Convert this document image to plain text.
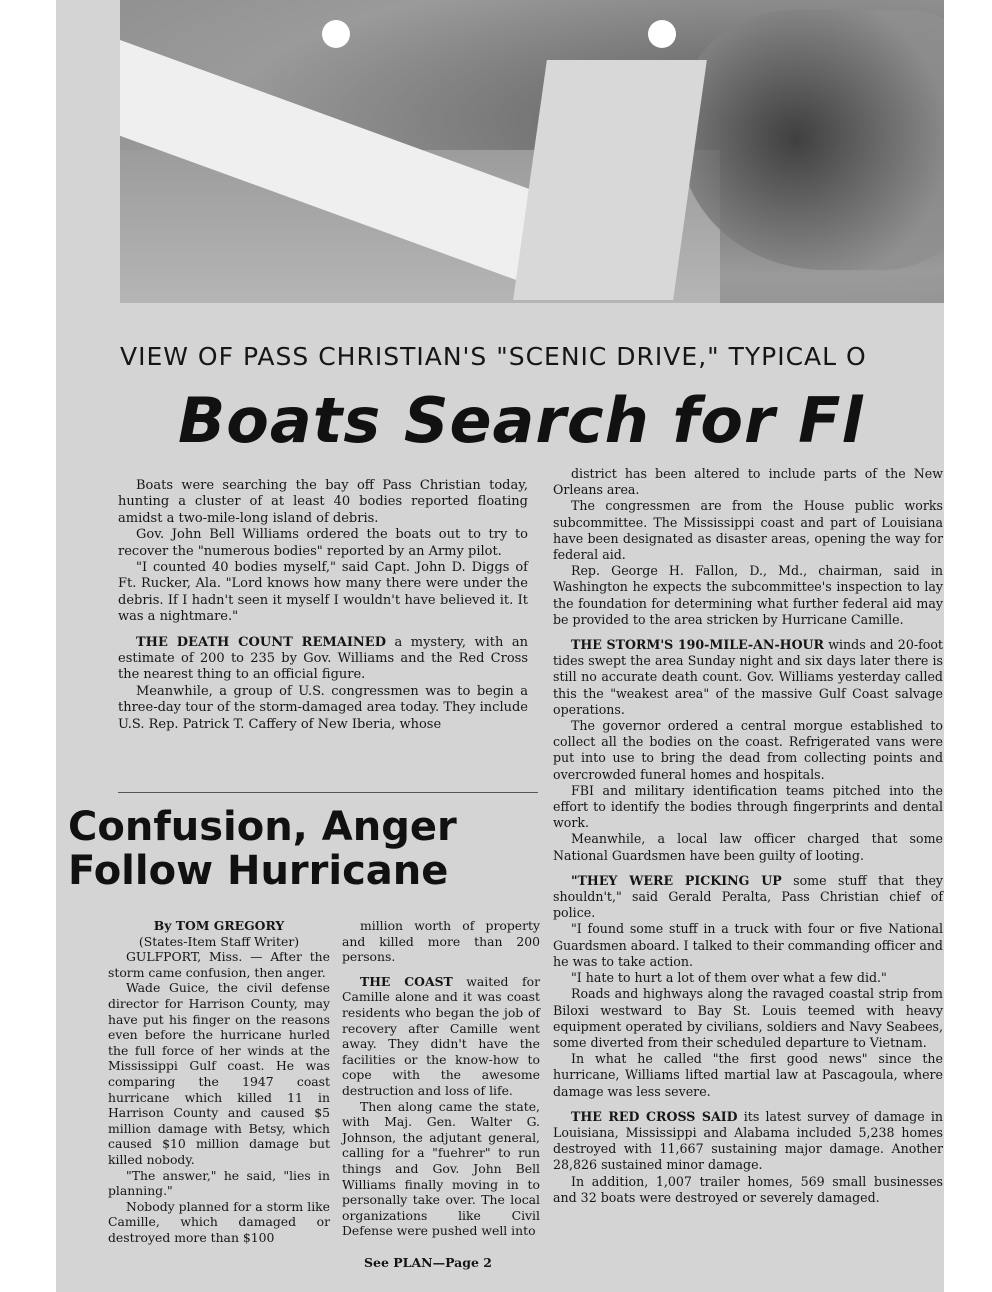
VIEW OF PASS CHRISTIAN'S "SCENIC DRIVE," TYPICAL O
Boats Search for Fl

Boats were searching the bay off Pass Christian today, hunting a cluster of at least 40 bodies reported floating amidst a two-mile-long island of debris.

Gov. John Bell Williams ordered the boats out to try to recover the "numerous bodies" reported by an Army pilot.

"I counted 40 bodies myself," said Capt. John D. Diggs of Ft. Rucker, Ala. "Lord knows how many there were under the debris. If I hadn't seen it myself I wouldn't have believed it. It was a nightmare."

THE DEATH COUNT REMAINED a mystery, with an estimate of 200 to 235 by Gov. Williams and the Red Cross the nearest thing to an official figure.

Meanwhile, a group of U.S. congressmen was to begin a three-day tour of the storm-damaged area today. They include U.S. Rep. Patrick T. Caffery of New Iberia, whose

district has been altered to include parts of the New Orleans area.

The congressmen are from the House public works subcommittee. The Mississippi coast and part of Louisiana have been designated as disaster areas, opening the way for federal aid.

Rep. George H. Fallon, D., Md., chairman, said in Washington he expects the subcommittee's inspection to lay the foundation for determining what further federal aid may be provided to the area stricken by Hurricane Camille.

THE STORM'S 190-MILE-AN-HOUR winds and 20-foot tides swept the area Sunday night and six days later there is still no accurate death count. Gov. Williams yesterday called this the "weakest area" of the massive Gulf Coast salvage operations.

The governor ordered a central morgue established to collect all the bodies on the coast. Refrigerated vans were put into use to bring the dead from collecting points and overcrowded funeral homes and hospitals.

FBI and military identification teams pitched into the effort to identify the bodies through fingerprints and dental work.

Meanwhile, a local law officer charged that some National Guardsmen have been guilty of looting.

"THEY WERE PICKING UP some stuff that they shouldn't," said Gerald Peralta, Pass Christian chief of police.

"I found some stuff in a truck with four or five National Guardsmen aboard. I talked to their commanding officer and he was to take action.

"I hate to hurt a lot of them over what a few did."

Roads and highways along the ravaged coastal strip from Biloxi westward to Bay St. Louis teemed with heavy equipment operated by civilians, soldiers and Navy Seabees, some diverted from their scheduled departure to Vietnam.

In what he called "the first good news" since the hurricane, Williams lifted martial law at Pascagoula, where damage was less severe.

THE RED CROSS SAID its latest survey of damage in Louisiana, Mississippi and Alabama included 5,238 homes destroyed with 11,667 sustaining major damage. Another 28,826 sustained minor damage.

In addition, 1,007 trailer homes, 569 small businesses and 32 boats were destroyed or severely damaged.

Confusion, Anger
Follow Hurricane

By TOM GREGORY

(States-Item Staff Writer)

GULFPORT, Miss. — After the storm came confusion, then anger.

Wade Guice, the civil defense director for Harrison County, may have put his finger on the reasons even before the hurricane hurled the full force of her winds at the Mississippi Gulf coast. He was comparing the 1947 coast hurricane which killed 11 in Harrison County and caused $5 million damage with Betsy, which caused $10 million damage but killed nobody.

"The answer," he said, "lies in planning."

Nobody planned for a storm like Camille, which damaged or destroyed more than $100

million worth of property and killed more than 200 persons.

THE COAST waited for Camille alone and it was coast residents who began the job of recovery after Camille went away. They didn't have the facilities or the know-how to cope with the awesome destruction and loss of life.

Then along came the state, with Maj. Gen. Walter G. Johnson, the adjutant general, calling for a "fuehrer" to run things and Gov. John Bell Williams finally moving in to personally take over. The local organizations like Civil Defense were pushed well into

See PLAN—Page 2
